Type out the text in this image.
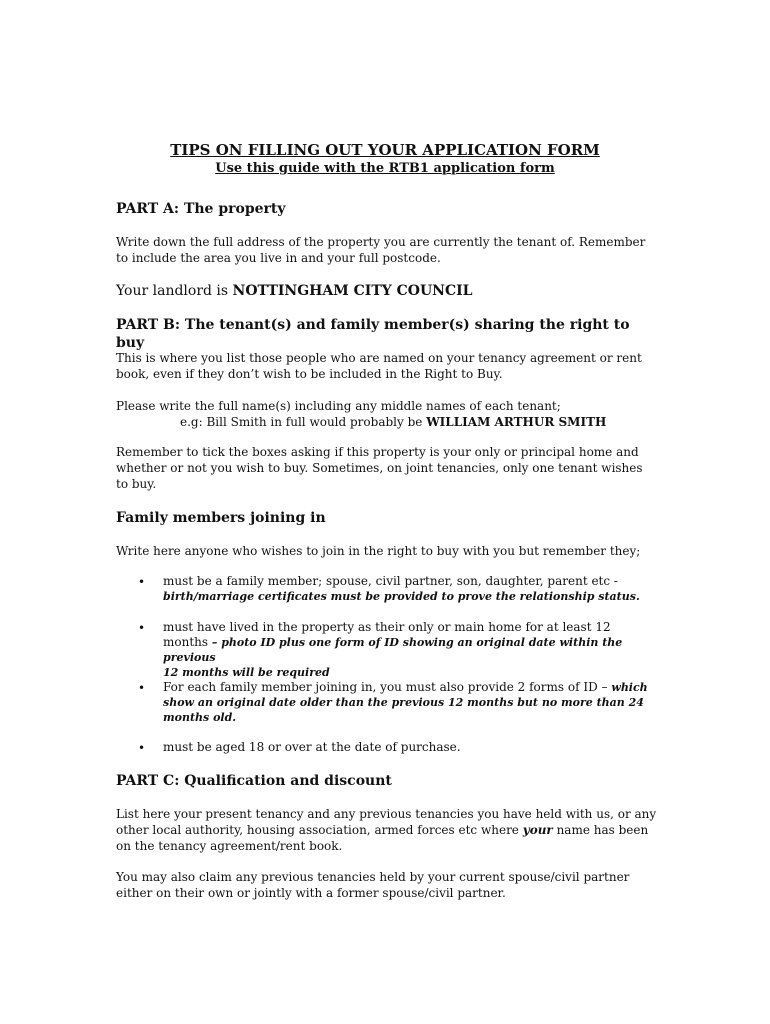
TIPS ON FILLING OUT YOUR APPLICATION FORM

Use this guide with the RTB1 application form

PART A: The property

Write down the full address of the property you are currently the tenant of. Remember

to include the area you live in and your full postcode.

Your landlord is NOTTINGHAM CITY COUNCIL

PART B: The tenant(s) and family member(s) sharing the right to buy

This is where you list those people who are named on your tenancy agreement or rent

book, even if they don’t wish to be included in the Right to Buy.

Please write the full name(s) including any middle names of each tenant;

e.g: Bill Smith in full would probably be WILLIAM ARTHUR SMITH

Remember to tick the boxes asking if this property is your only or principal home and

whether or not you wish to buy. Sometimes, on joint tenancies, only one tenant wishes

to buy.

Family members joining in

Write here anyone who wishes to join in the right to buy with you but remember they;

• must be a family member; spouse, civil partner, son, daughter, parent etc -
birth/marriage certificates must be provided to prove the relationship status.
• must have lived in the property as their only or main home for at least 12
months – photo ID plus one form of ID showing an original date within the previous
12 months will be required
• For each family member joining in, you must also provide 2 forms of ID – which
show an original date older than the previous 12 months but no more than 24
months old.
• must be aged 18 or over at the date of purchase.

PART C: Qualification and discount

List here your present tenancy and any previous tenancies you have held with us, or any

other local authority, housing association, armed forces etc where your name has been

on the tenancy agreement/rent book.

You may also claim any previous tenancies held by your current spouse/civil partner

either on their own or jointly with a former spouse/civil partner.
